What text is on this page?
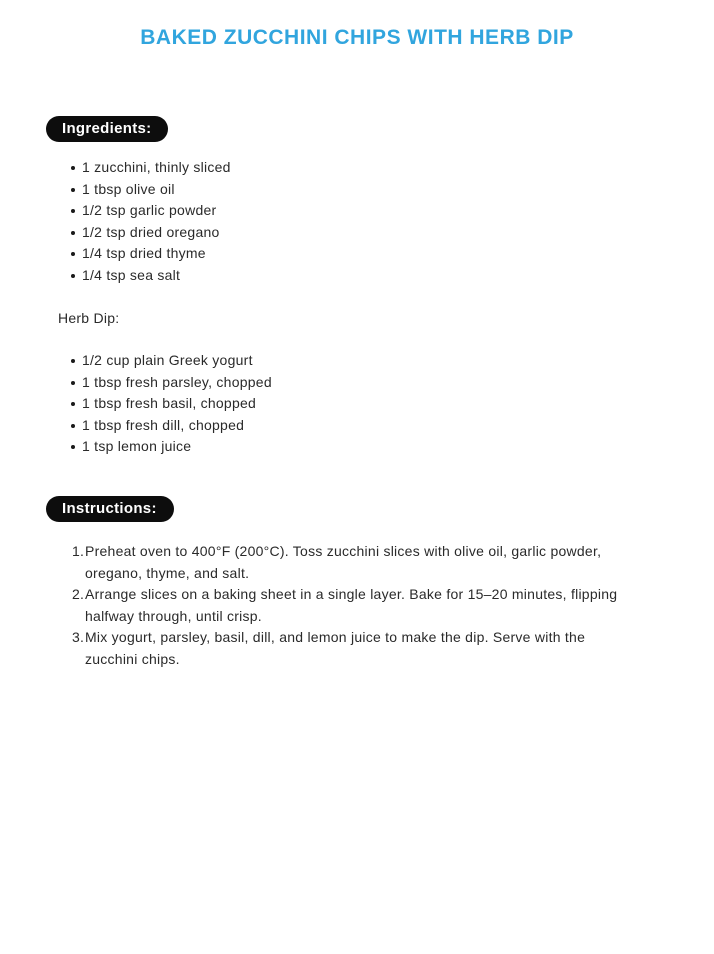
BAKED ZUCCHINI CHIPS WITH HERB DIP
Ingredients:
1 zucchini, thinly sliced
1 tbsp olive oil
1/2 tsp garlic powder
1/2 tsp dried oregano
1/4 tsp dried thyme
1/4 tsp sea salt
Herb Dip:
1/2 cup plain Greek yogurt
1 tbsp fresh parsley, chopped
1 tbsp fresh basil, chopped
1 tbsp fresh dill, chopped
1 tsp lemon juice
Instructions:
1. Preheat oven to 400°F (200°C). Toss zucchini slices with olive oil, garlic powder, oregano, thyme, and salt.
2. Arrange slices on a baking sheet in a single layer. Bake for 15–20 minutes, flipping halfway through, until crisp.
3. Mix yogurt, parsley, basil, dill, and lemon juice to make the dip. Serve with the zucchini chips.
